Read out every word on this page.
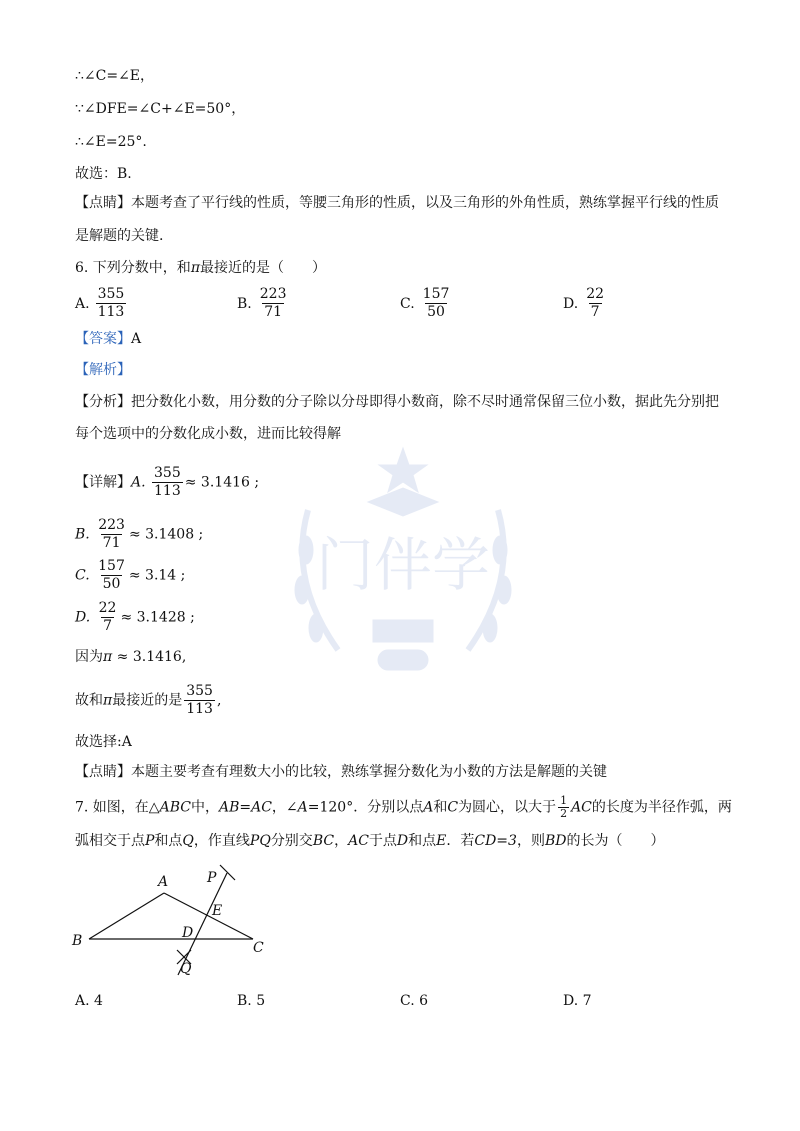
∴∠C=∠E，
∵∠DFE=∠C+∠E=50°，
∴∠E=25°.
故选：B.
【点睛】本题考查了平行线的性质，等腰三角形的性质，以及三角形的外角性质，熟练掌握平行线的性质
是解题的关键.
6. 下列分数中，和π最接近的是（　　）
A. $\frac{355}{113}$	B. $\frac{223}{71}$	C. $\frac{157}{50}$	D. $\frac{22}{7}$
【答案】A
【解析】
【分析】把分数化小数，用分数的分子除以分母即得小数商，除不尽时通常保留三位小数，据此先分别把
每个选项中的分数化成小数，进而比较得解
【详解】A. $\frac{355}{113} \approx 3.1416$ ;
B. $\frac{223}{71} \approx 3.1408$ ;
C. $\frac{157}{50} \approx 3.14$ ;
D. $\frac{22}{7} \approx 3.1428$ ;
因为π ≈ 3.1416,
故和π最接近的是 $\frac{355}{113}$ ,
故选择:A
【点睛】本题主要考查有理数大小的比较，熟练掌握分数化为小数的方法是解题的关键
7. 如图，在△ABC中，AB=AC，∠A=120°．分别以点A和C为圆心，以大于 $\frac{1}{2}$ AC的长度为半径作弧，两
弧相交于点P和点Q，作直线PQ分别交BC，AC于点D和点E．若CD=3，则BD的长为（　　）
A
B	C
D
E
P
Q
A. 4	B. 5	C. 6	D. 7
门伴学
